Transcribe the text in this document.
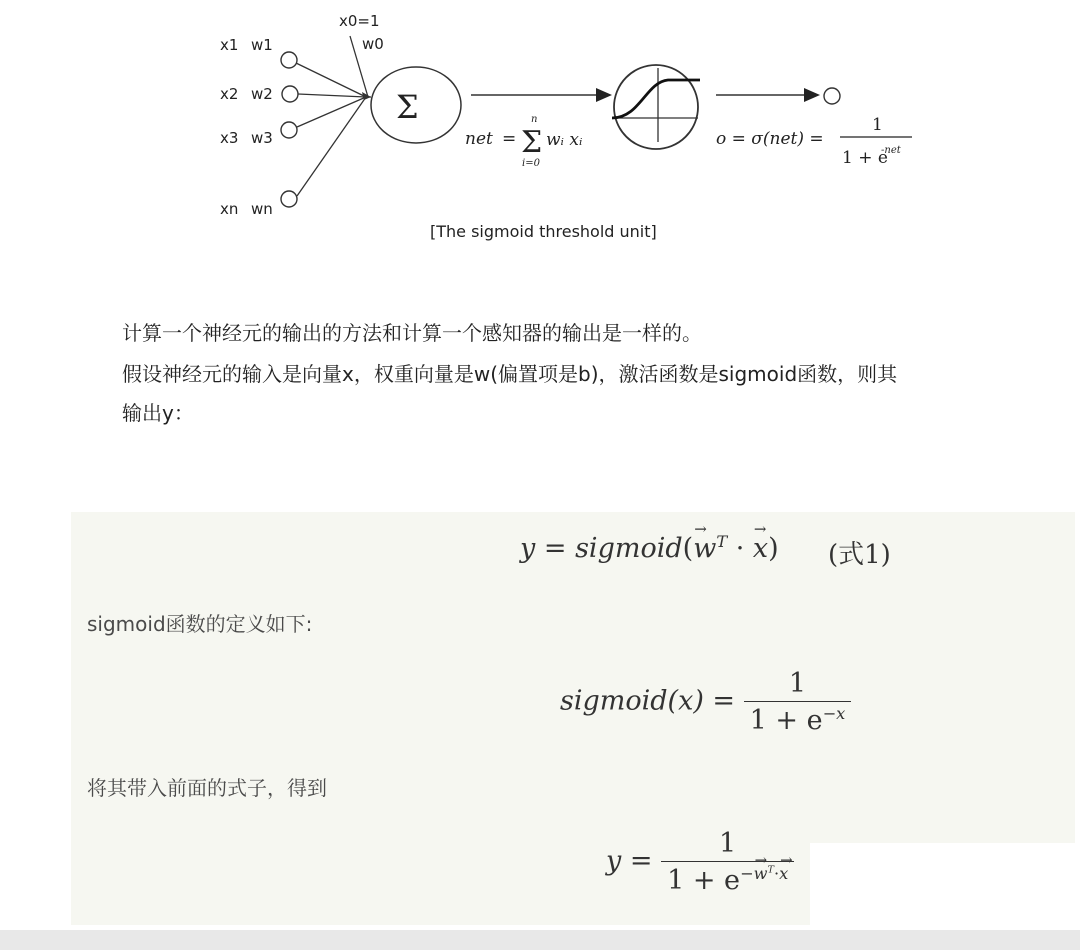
x1 w1
x2 w2
x3 w3
xn wn
x0=1
w0
Σ
net =
n
Σ
i=0
wᵢ xᵢ	o = σ(net) =
1
1 + e
-net
[The sigmoid threshold unit]

计算一个神经元的输出的方法和计算一个感知器的输出是一样的。

假设神经元的输入是向量x，权重向量是w(偏置项是b)，激活函数是sigmoid函数，则其

输出y：

y = sigmoid(→ $w^T$ · → x) (式1)
sigmoid函数的定义如下:
sigmoid(x) = $\frac{1}{1 + e^{-x}}$
将其带入前面的式子，得到
$y = \frac{1}{1 + e^{-\to w^T\cdot\to x}}$
